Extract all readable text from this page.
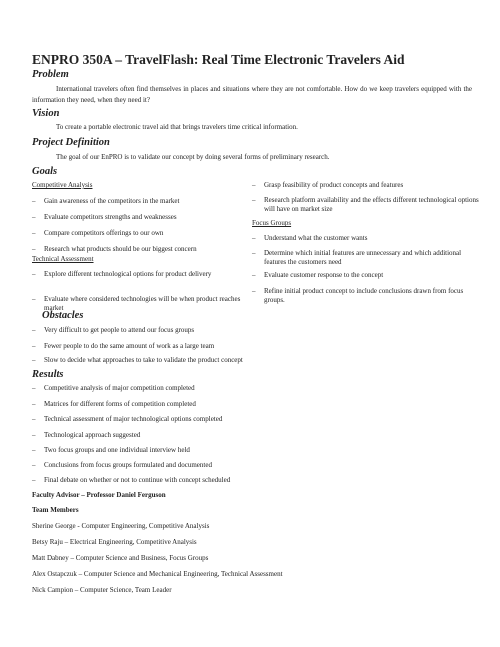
ENPRO 350A – TravelFlash: Real Time Electronic Travelers Aid
Problem
International travelers often find themselves in places and situations where they are not comfortable. How do we keep travelers equipped with the information they need, when they need it?
Vision
To create a portable electronic travel aid that brings travelers time critical information.
Project Definition
The goal of our EnPRO is to validate our concept by doing several forms of preliminary research.
Goals
Competitive Analysis
– Gain awareness of the competitors in the market
– Evaluate competitors strengths and weaknesses
– Compare competitors offerings to our own
– Research what products should be our biggest concern
Technical Assessment
– Explore different technological options for product delivery
– Evaluate where considered technologies will be when product reaches market
– Grasp feasibility of product concepts and features
– Research platform availability and the effects different technological options will have on market size
Focus Groups
– Understand what the customer wants
– Determine which initial features are unnecessary and which additional features the customers need
– Evaluate customer response to the concept
– Refine initial product concept to include conclusions drawn from focus groups.
Obstacles
– Very difficult to get people to attend our focus groups
– Fewer people to do the same amount of work as a large team
– Slow to decide what approaches to take to validate the product concept
Results
– Competitive analysis of major competition completed
– Matrices for different forms of competition completed
– Technical assessment of major technological options completed
– Technological approach suggested
– Two focus groups and one individual interview held
– Conclusions from focus groups formulated and documented
– Final debate on whether or not to continue with concept scheduled
Faculty Advisor – Professor Daniel Ferguson
Team Members
Sherine George - Computer Engineering, Competitive Analysis
Betsy Raju – Electrical Engineering, Competitive Analysis
Matt Dabney – Computer Science and Business, Focus Groups
Alex Ostapczuk – Computer Science and Mechanical Engineering, Technical Assessment
Nick Campion – Computer Science, Team Leader
